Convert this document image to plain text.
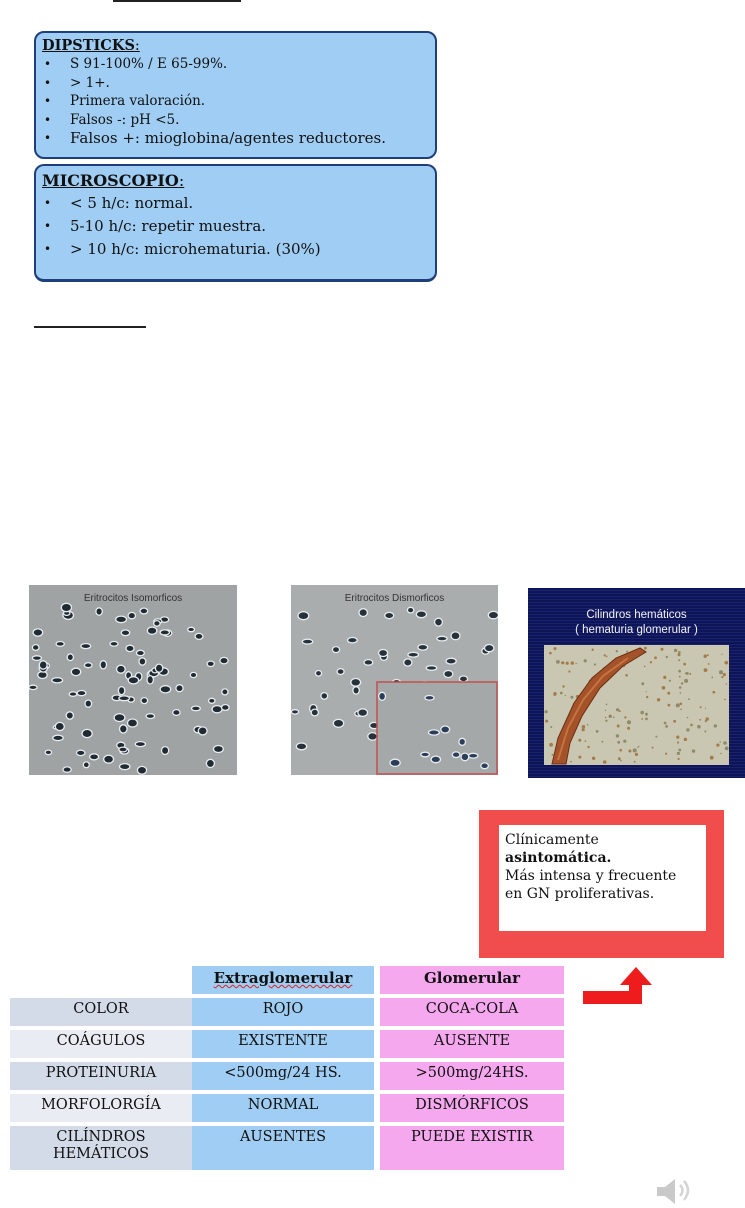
DIPSTICKS:
• S 91-100% / E 65-99%.
• > 1+.
• Primera valoración.
• Falsos -: pH <5.
• Falsos +: mioglobina/agentes reductores.
MICROSCOPIO:
• < 5 h/c: normal.
• 5-10 h/c: repetir muestra.
• > 10 h/c: microhematuria. (30%)
Eritrocitos Isomorficos	Eritrocitos Dismorficos
Cilindros hemáticos
( hematuria glomerular )
Clínicamente
asintomática.
Más intensa y frecuente
en GN proliferativas.
	Extraglomerular		Glomerular
COLOR	ROJO		COCA-COLA
COÁGULOS	EXISTENTE		AUSENTE
PROTEINURIA	<500mg/24 HS.		>500mg/24HS.
MORFOLORGÍA	NORMAL		DISMÓRFICOS
CILÍNDROS HEMÁTICOS	AUSENTES		PUEDE EXISTIR
